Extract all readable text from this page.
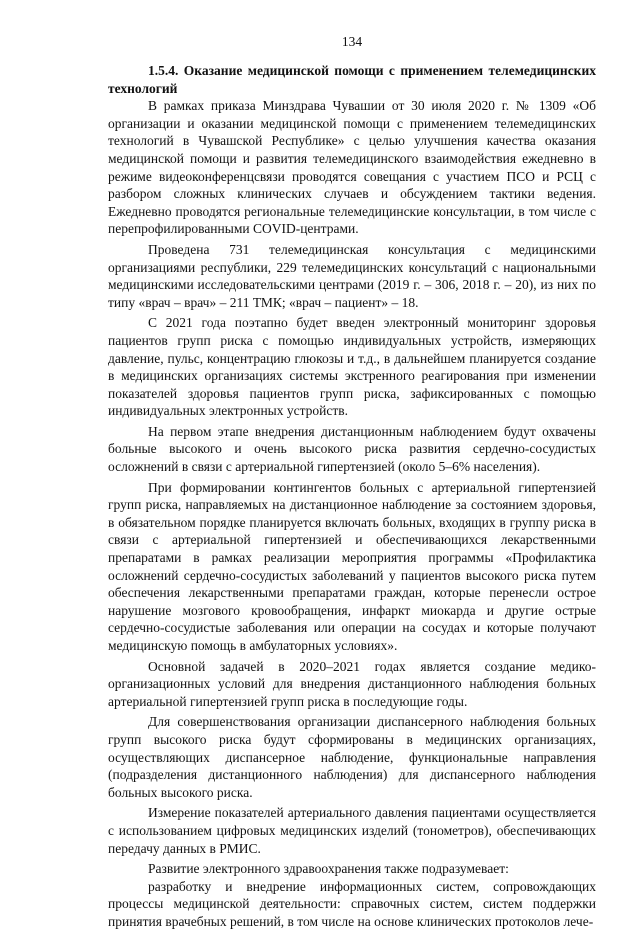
134

1.5.4. Оказание медицинской помощи с применением телемедицинских технологий

В рамках приказа Минздрава Чувашии от 30 июля 2020 г. № 1309 «Об организации и оказании медицинской помощи с применением телемедицинских технологий в Чувашской Республике» с целью улучшения качества оказания медицинской помощи и развития телемедицинского взаимодействия ежедневно в режиме видеоконференцсвязи проводятся совещания с участием ПСО и РСЦ с разбором сложных клинических случаев и обсуждением тактики ведения. Ежедневно проводятся региональные телемедицинские консультации, в том числе с перепрофилированными COVID-центрами.

Проведена 731 телемедицинская консультация с медицинскими организациями республики, 229 телемедицинских консультаций с национальными медицинскими исследовательскими центрами (2019 г. – 306, 2018 г. – 20), из них по типу «врач – врач» – 211 ТМК; «врач – пациент» – 18.

С 2021 года поэтапно будет введен электронный мониторинг здоровья пациентов групп риска с помощью индивидуальных устройств, измеряющих давление, пульс, концентрацию глюкозы и т.д., в дальнейшем планируется создание в медицинских организациях системы экстренного реагирования при изменении показателей здоровья пациентов групп риска, зафиксированных с помощью индивидуальных электронных устройств.

На первом этапе внедрения дистанционным наблюдением будут охвачены больные высокого и очень высокого риска развития сердечно-сосудистых осложнений в связи с артериальной гипертензией (около 5–6% населения).

При формировании контингентов больных с артериальной гипертензией групп риска, направляемых на дистанционное наблюдение за состоянием здоровья, в обязательном порядке планируется включать больных, входящих в группу риска в связи с артериальной гипертензией и обеспечивающихся лекарственными препаратами в рамках реализации мероприятия программы «Профилактика осложнений сердечно-сосудистых заболеваний у пациентов высокого риска путем обеспечения лекарственными препаратами граждан, которые перенесли острое нарушение мозгового кровообращения, инфаркт миокарда и другие острые сердечно-сосудистые заболевания или операции на сосудах и которые получают медицинскую помощь в амбулаторных условиях».

Основной задачей в 2020–2021 годах является создание медико-организационных условий для внедрения дистанционного наблюдения больных артериальной гипертензией групп риска в последующие годы.

Для совершенствования организации диспансерного наблюдения больных групп высокого риска будут сформированы в медицинских организациях, осуществляющих диспансерное наблюдение, функциональные направления (подразделения дистанционного наблюдения) для диспансерного наблюдения больных высокого риска.

Измерение показателей артериального давления пациентами осуществляется с использованием цифровых медицинских изделий (тонометров), обеспечивающих передачу данных в РМИС.

Развитие электронного здравоохранения также подразумевает:

разработку и внедрение информационных систем, сопровождающих процессы медицинской деятельности: справочных систем, систем поддержки принятия врачебных решений, в том числе на основе клинических протоколов лече-
